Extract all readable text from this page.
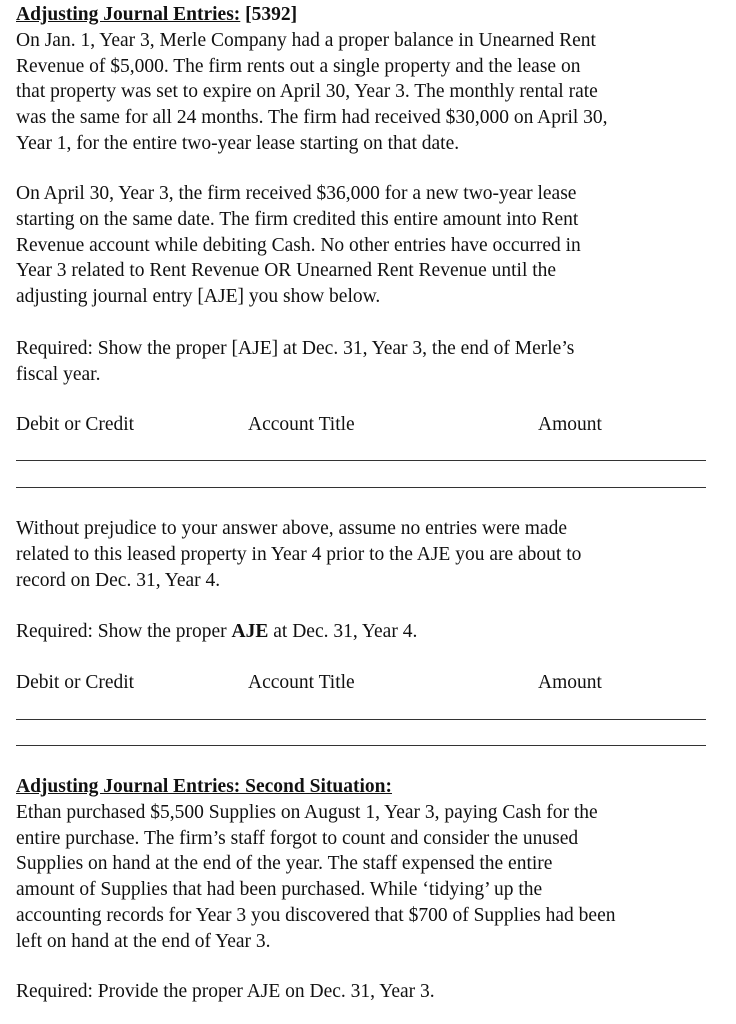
Adjusting Journal Entries: [5392]
On Jan. 1, Year 3, Merle Company had a proper balance in Unearned Rent
Revenue of $5,000. The firm rents out a single property and the lease on
that property was set to expire on April 30, Year 3. The monthly rental rate
was the same for all 24 months. The firm had received $30,000 on April 30,
Year 1, for the entire two-year lease starting on that date.
On April 30, Year 3, the firm received $36,000 for a new two-year lease
starting on the same date. The firm credited this entire amount into Rent
Revenue account while debiting Cash. No other entries have occurred in
Year 3 related to Rent Revenue OR Unearned Rent Revenue until the
adjusting journal entry [AJE] you show below.
Required: Show the proper [AJE] at Dec. 31, Year 3, the end of Merle’s
fiscal year.
Debit or Credit	Account Title	Amount
Without prejudice to your answer above, assume no entries were made
related to this leased property in Year 4 prior to the AJE you are about to
record on Dec. 31, Year 4.
Required: Show the proper AJE at Dec. 31, Year 4.
Debit or Credit	Account Title	Amount
Adjusting Journal Entries: Second Situation:
Ethan purchased $5,500 Supplies on August 1, Year 3, paying Cash for the
entire purchase. The firm’s staff forgot to count and consider the unused
Supplies on hand at the end of the year. The staff expensed the entire
amount of Supplies that had been purchased. While ‘tidying’ up the
accounting records for Year 3 you discovered that $700 of Supplies had been
left on hand at the end of Year 3.
Required: Provide the proper AJE on Dec. 31, Year 3.
